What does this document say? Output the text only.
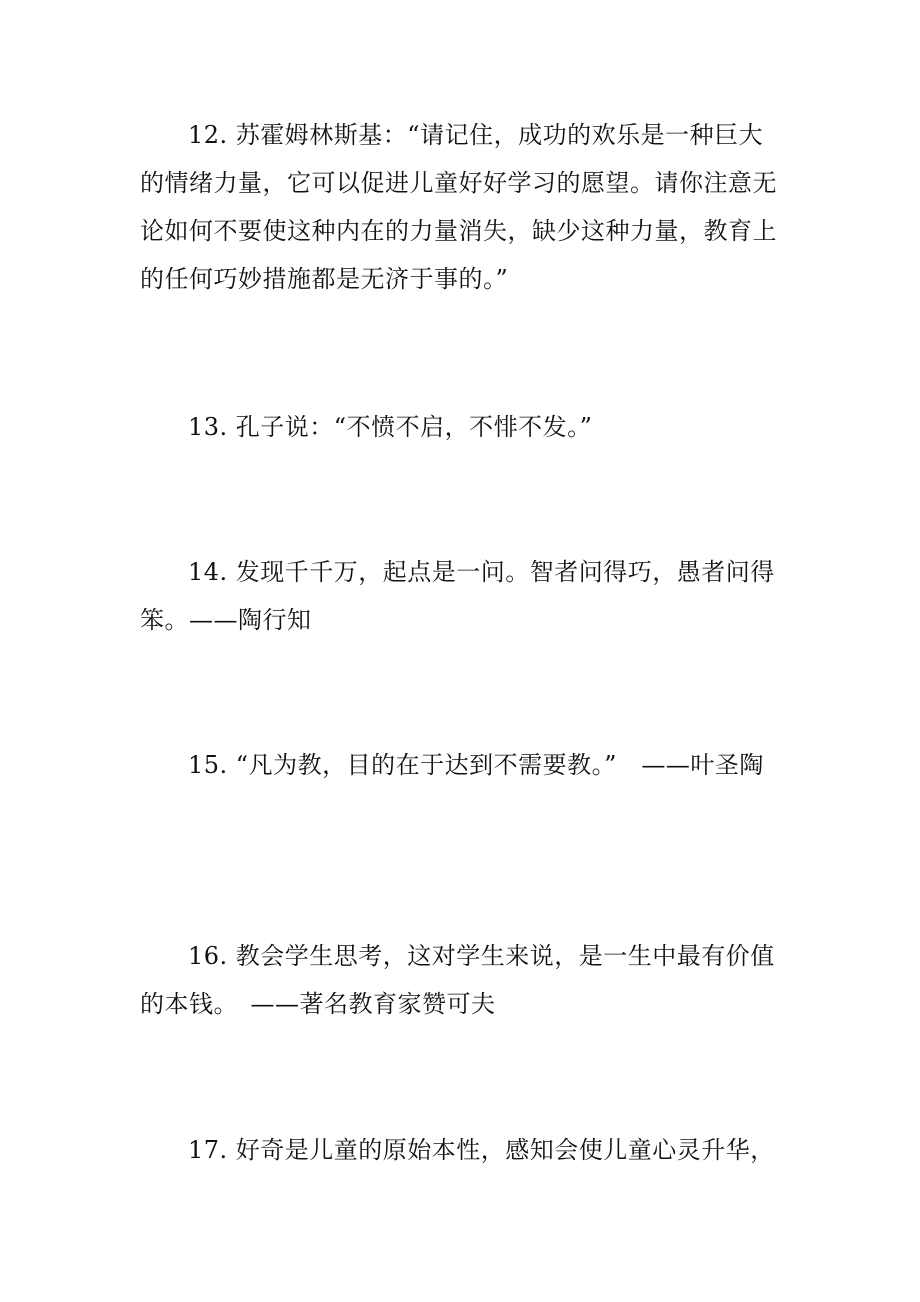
12. 苏霍姆林斯基：“请记住，成功的欢乐是一种巨大的情绪力量，它可以促进儿童好好学习的愿望。请你注意无论如何不要使这种内在的力量消失，缺少这种力量，教育上的任何巧妙措施都是无济于事的。”

13. 孔子说：“不愤不启，不悱不发。”

14. 发现千千万，起点是一问。智者问得巧，愚者问得笨。——陶行知

15. “凡为教，目的在于达到不需要教。”　——叶圣陶

16. 教会学生思考，这对学生来说，是一生中最有价值的本钱。　——著名教育家赞可夫

17. 好奇是儿童的原始本性，感知会使儿童心灵升华，
